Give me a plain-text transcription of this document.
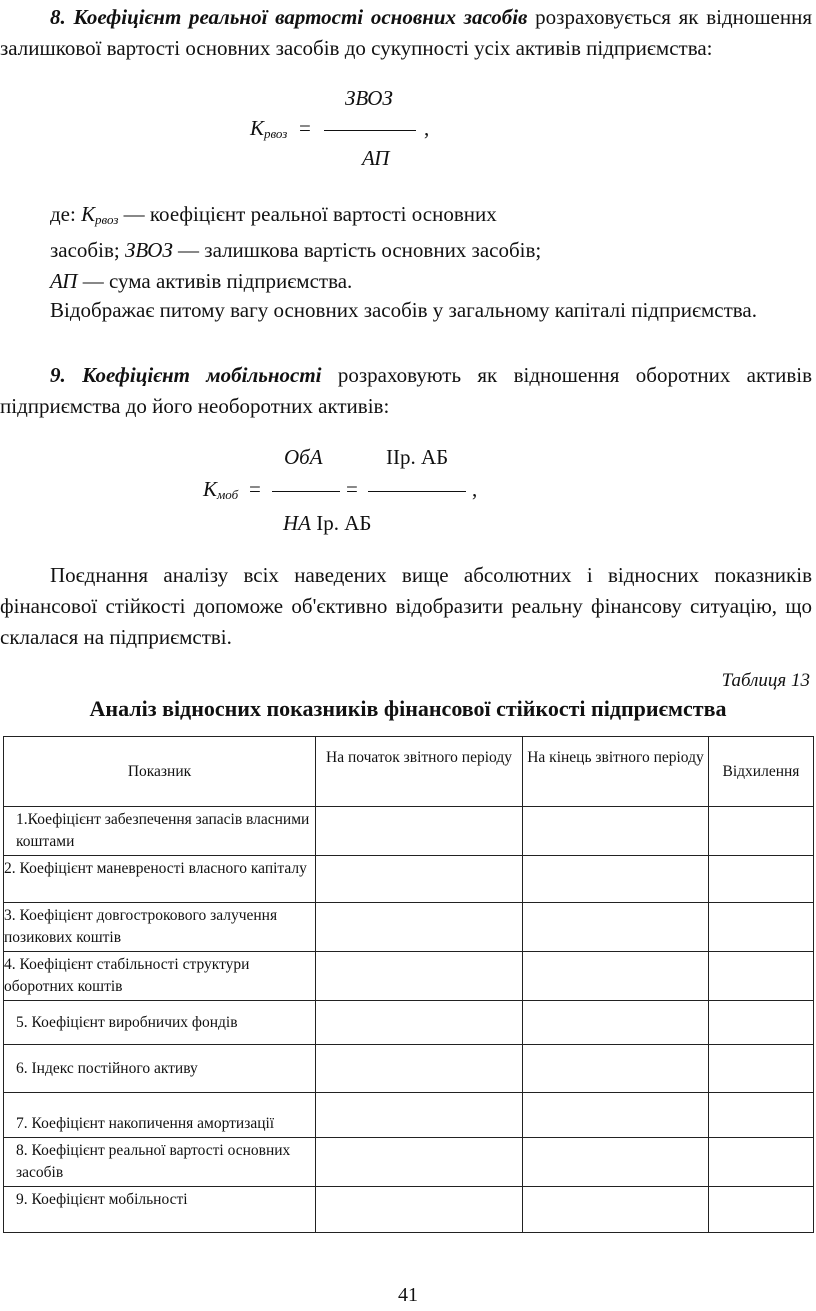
8. Коефіцієнт реальної вартості основних засобів розраховується як відношення залишкової вартості основних засобів до сукупності усіх активів підприємства:
ЗВОЗ
$К_{рвоз}$ =	,
АП
де: $К_{рвоз}$ — коефіцієнт реальної вартості основних
засобів; ЗВОЗ — залишкова вартість основних засобів;
АП — сума активів підприємства.
Відображає питому вагу основних засобів у загальному капіталі підприємства.
9. Коефіцієнт мобільності розраховують як відношення оборотних активів підприємства до його необоротних активів:
ОбА	ІІр. АБ
$К_{моб}$ =	=	,
НА Ір. АБ
Поєднання аналізу всіх наведених вище абсолютних і відносних показників фінансової стійкості допоможе об'єктивно відобразити реальну фінансову ситуацію, що склалася на підприємстві.
Таблиця 13
Аналіз відносних показників фінансової стійкості підприємства
Показник	На початок звітного періоду	На кінець звітного періоду	Відхилення
1.Коефіцієнт забезпечення запасів власними коштами			
2. Коефіцієнт маневреності власного капіталу			
3. Коефіцієнт довгострокового залучення позикових коштів			
4. Коефіцієнт стабільності структури оборотних коштів			
5. Коефіцієнт виробничих фондів			
6. Індекс постійного активу			
7. Коефіцієнт накопичення амортизації			
8. Коефіцієнт реальної вартості основних засобів			
9. Коефіцієнт мобільності			
41
